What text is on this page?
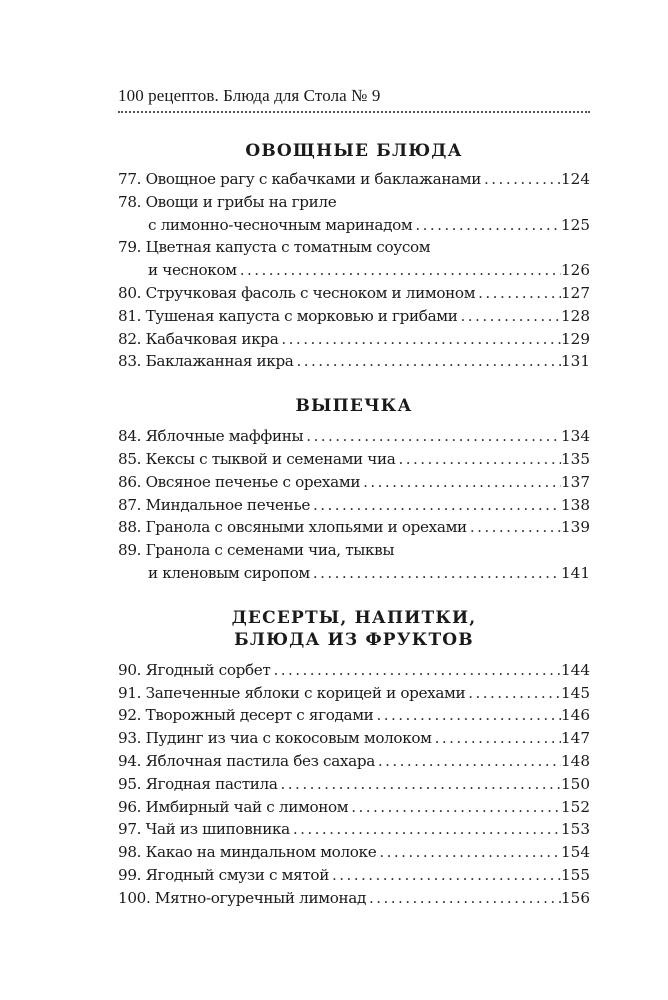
100 рецептов. Блюда для Стола № 9
ОВОЩНЫЕ БЛЮДА
77. Овощное рагу с кабачками и баклажанами . . .	124
78. Овощи и грибы на гриле
с лимонно-чесночным маринадом . . .	125
79. Цветная капуста с томатным соусом
и чесноком . . .	126
80. Стручковая фасоль с чесноком и лимоном . . .	127
81. Тушеная капуста с морковью и грибами . . .	128
82. Кабачковая икра . . .	129
83. Баклажанная икра . . .	131
ВЫПЕЧКА
84. Яблочные маффины . . .	134
85. Кексы с тыквой и семенами чиа . . .	135
86. Овсяное печенье с орехами . . .	137
87. Миндальное печенье . . .	138
88. Гранола с овсяными хлопьями и орехами . . .	139
89. Гранола с семенами чиа, тыквы
и кленовым сиропом . . .	141
ДЕСЕРТЫ, НАПИТКИ,
БЛЮДА ИЗ ФРУКТОВ
90. Ягодный сорбет . . .	144
91. Запеченные яблоки с корицей и орехами . . .	145
92. Творожный десерт с ягодами . . .	146
93. Пудинг из чиа с кокосовым молоком . . .	147
94. Яблочная пастила без сахара . . .	148
95. Ягодная пастила . . .	150
96. Имбирный чай с лимоном . . .	152
97. Чай из шиповника . . .	153
98. Какао на миндальном молоке . . .	154
99. Ягодный смузи с мятой . . .	155
100. Мятно-огуречный лимонад . . .	156
